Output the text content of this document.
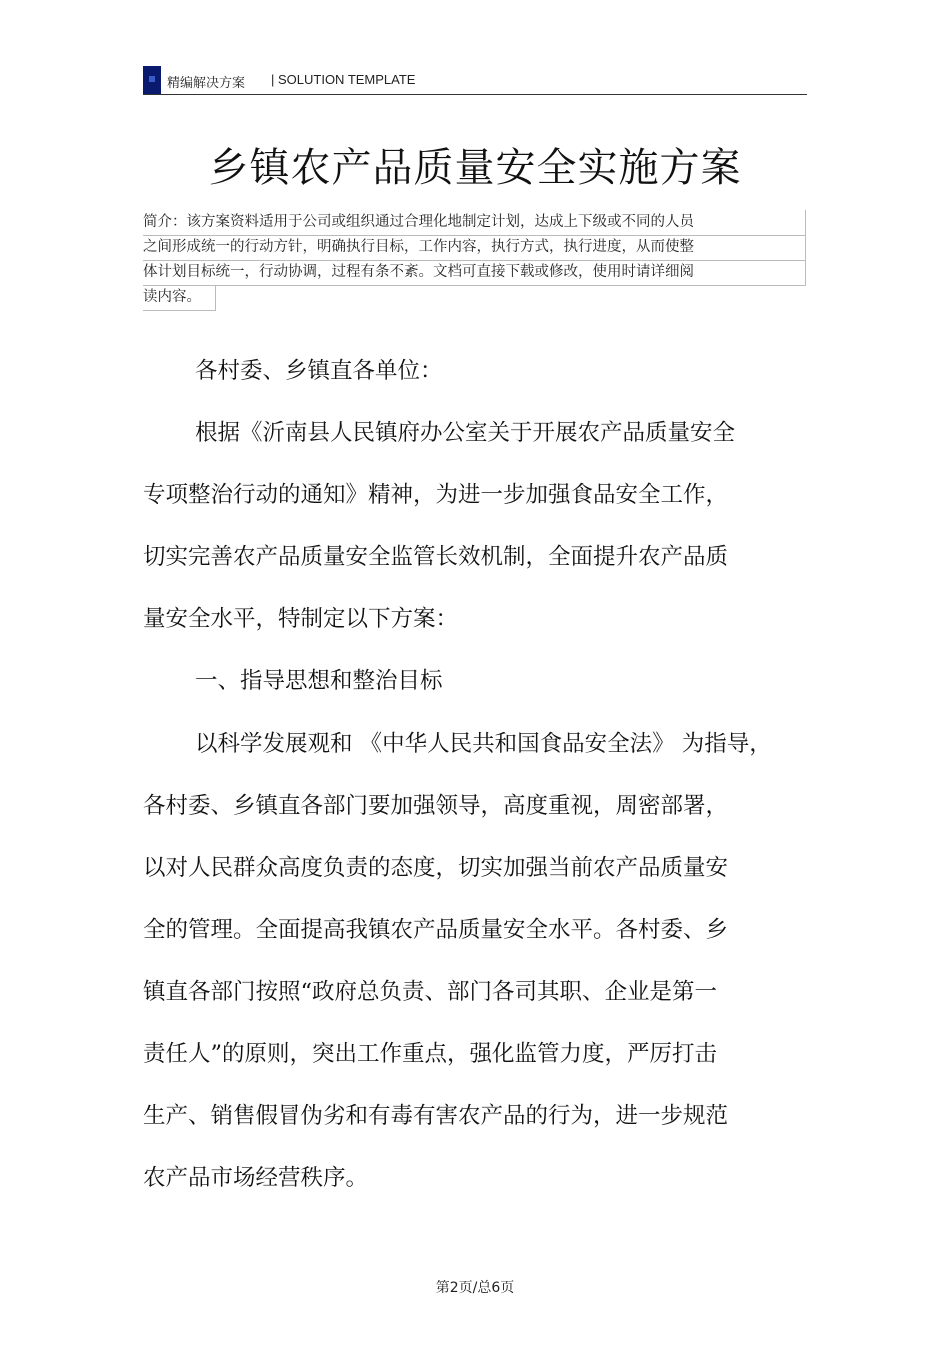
精编解决方案 | SOLUTION TEMPLATE
乡镇农产品质量安全实施方案
简介：该方案资料适用于公司或组织通过合理化地制定计划，达成上下级或不同的人员
之间形成统一的行动方针，明确执行目标，工作内容，执行方式，执行进度，从而使整
体计划目标统一，行动协调，过程有条不紊。文档可直接下载或修改，使用时请详细阅
读内容。
各村委、乡镇直各单位：
根据《沂南县人民镇府办公室关于开展农产品质量安全
专项整治行动的通知》精神，为进一步加强食品安全工作，
切实完善农产品质量安全监管长效机制，全面提升农产品质
量安全水平，特制定以下方案：
一、指导思想和整治目标
以科学发展观和 《中华人民共和国食品安全法》 为指导，
各村委、乡镇直各部门要加强领导，高度重视，周密部署，
以对人民群众高度负责的态度，切实加强当前农产品质量安
全的管理。全面提高我镇农产品质量安全水平。各村委、乡
镇直各部门按照“政府总负责、部门各司其职、企业是第一
责任人”的原则，突出工作重点，强化监管力度，严厉打击
生产、销售假冒伪劣和有毒有害农产品的行为，进一步规范
农产品市场经营秩序。
第2页/总6页
